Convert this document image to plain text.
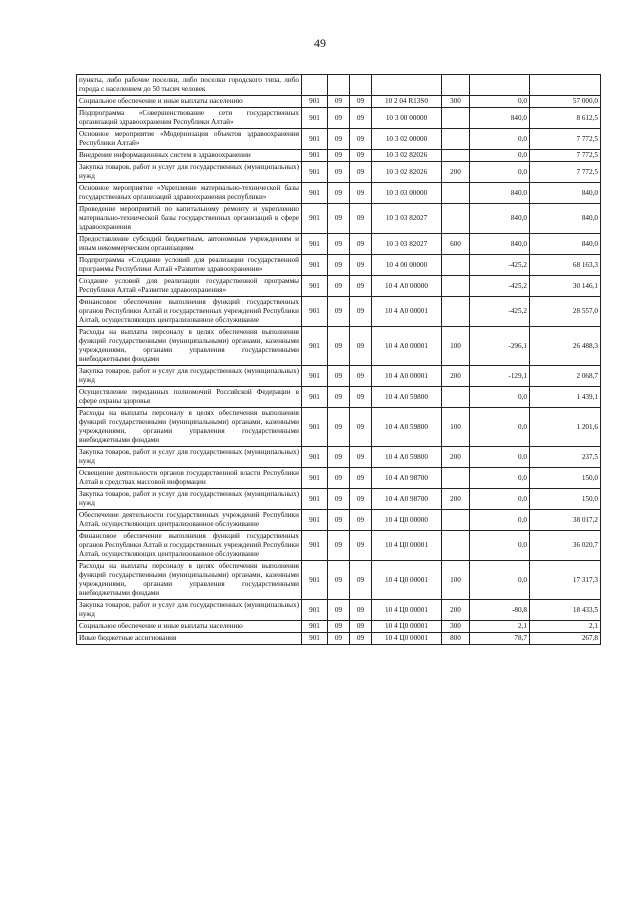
49
пункты, либо рабочие поселки, либо поселки городского типа, либо города с населением до 50 тысяч человек							
Социальное обеспечение и иные выплаты населению	901	09	09	10 2 04 R13S0	300	0,0	57 000,0
Подпрограмма «Совершенствование сети государственных организаций здравоохранения Республики Алтай»	901	09	09	10 3 00 00000		840,0	8 612,5
Основное мероприятие «Модернизация объектов здравоохранения Республики Алтай»	901	09	09	10 3 02 00000		0,0	7 772,5
Внедрение информационных систем в здравоохранении	901	09	09	10 3 02 82026		0,0	7 772,5
Закупка товаров, работ и услуг для государственных (муниципальных) нужд	901	09	09	10 3 02 82026	200	0,0	7 772,5
Основное мероприятие «Укрепление материально-технической базы государственных организаций здравоохранения республики»	901	09	09	10 3 03 00000		840,0	840,0
Проведение мероприятий по капитальному ремонту и укреплению материально-технической базы государственных организаций в сфере здравоохранения	901	09	09	10 3 03 82027		840,0	840,0
Предоставление субсидий бюджетным, автономным учреждениям и иным некоммерческим организациям	901	09	09	10 3 03 82027	600	840,0	840,0
Подпрограмма «Создание условий для реализации государственной программы Республики Алтай «Развитие здравоохранения»	901	09	09	10 4 00 00000		-425,2	68 163,3
Создание условий для реализации государственной программы Республики Алтай «Развитие здравоохранения»	901	09	09	10 4 А0 00000		-425,2	30 146,1
Финансовое обеспечение выполнения функций государственных органов Республики Алтай и государственных учреждений Республики Алтай, осуществляющих централизованное обслуживание	901	09	09	10 4 А0 00001		-425,2	28 557,0
Расходы на выплаты персоналу в целях обеспечения выполнения функций государственными (муниципальными) органами, казенными учреждениями, органами управления государственными внебюджетными фондами	901	09	09	10 4 А0 00001	100	-296,1	26 488,3
Закупка товаров, работ и услуг для государственных (муниципальных) нужд	901	09	09	10 4 А0 00001	200	-129,1	2 068,7
Осуществление переданных полномочий Российской Федерации в сфере охраны здоровья	901	09	09	10 4 А0 59800		0,0	1 439,1
Расходы на выплаты персоналу в целях обеспечения выполнения функций государственными (муниципальными) органами, казенными учреждениями, органами управления государственными внебюджетными фондами	901	09	09	10 4 А0 59800	100	0,0	1 201,6
Закупка товаров, работ и услуг для государственных (муниципальных) нужд	901	09	09	10 4 А0 59800	200	0,0	237,5
Освещение деятельности органов государственной власти Республики Алтай в средствах массовой информации	901	09	09	10 4 А0 98700		0,0	150,0
Закупка товаров, работ и услуг для государственных (муниципальных) нужд	901	09	09	10 4 А0 98700	200	0,0	150,0
Обеспечение деятельности государственных учреждений Республики Алтай, осуществляющих централизованное обслуживание	901	09	09	10 4 Ц0 00000		0,0	38 017,2
Финансовое обеспечение выполнения функций государственных органов Республики Алтай и государственных учреждений Республики Алтай, осуществляющих централизованное обслуживание	901	09	09	10 4 Ц0 00001		0,0	36 020,7
Расходы на выплаты персоналу в целях обеспечения выполнения функций государственными (муниципальными) органами, казенными учреждениями, органами управления государственными внебюджетными фондами	901	09	09	10 4 Ц0 00001	100	0,0	17 317,3
Закупка товаров, работ и услуг для государственных (муниципальных) нужд	901	09	09	10 4 Ц0 00001	200	-80,8	18 433,5
Социальное обеспечение и иные выплаты населению	901	09	09	10 4 Ц0 00001	300	2,1	2,1
Иные бюджетные ассигнования	901	09	09	10 4 Ц0 00001	800	78,7	267,8
